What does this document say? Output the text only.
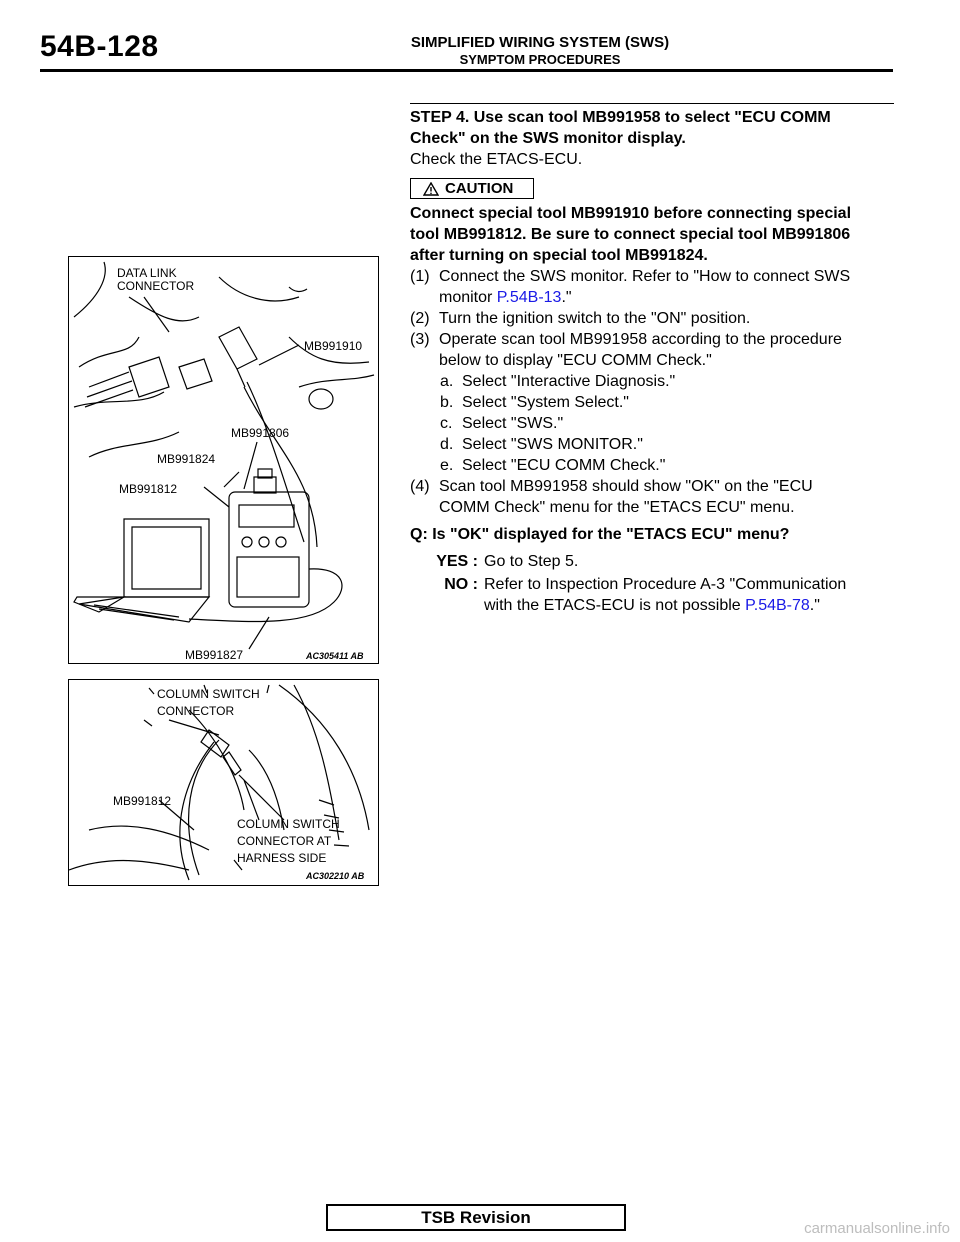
54B-128	SIMPLIFIED WIRING SYSTEM (SWS)
SYMPTOM PROCEDURES
STEP 4. Use scan tool MB991958 to select "ECU COMM
Check" on the SWS monitor display.
Check the ETACS-ECU.
CAUTION
Connect special tool MB991910 before connecting special
tool MB991812. Be sure to connect special tool MB991806
after turning on special tool MB991824.
(1) Connect the SWS monitor. Refer to "How to connect SWS
monitor P.54B-13."
(2) Turn the ignition switch to the "ON" position.
(3) Operate scan tool MB991958 according to the procedure
below to display "ECU COMM Check."
a. Select "Interactive Diagnosis."
b. Select "System Select."
c. Select "SWS."
d. Select "SWS MONITOR."
e. Select "ECU COMM Check."
(4) Scan tool MB991958 should show "OK" on the "ECU
COMM Check" menu for the "ETACS ECU" menu.
Q: Is "OK" displayed for the "ETACS ECU" menu?
YES : Go to Step 5.
NO : Refer to Inspection Procedure A-3 "Communication
with the ETACS-ECU is not possible P.54B-78."
DATA LINK
CONNECTOR
MB991910
MB991806
MB991824
MB991812
MB991827	AC305411 AB
COLUMN SWITCH
CONNECTOR
MB991812
COLUMN SWITCH
CONNECTOR AT
HARNESS SIDE
AC302210 AB
TSB Revision
carmanualsonline.info
